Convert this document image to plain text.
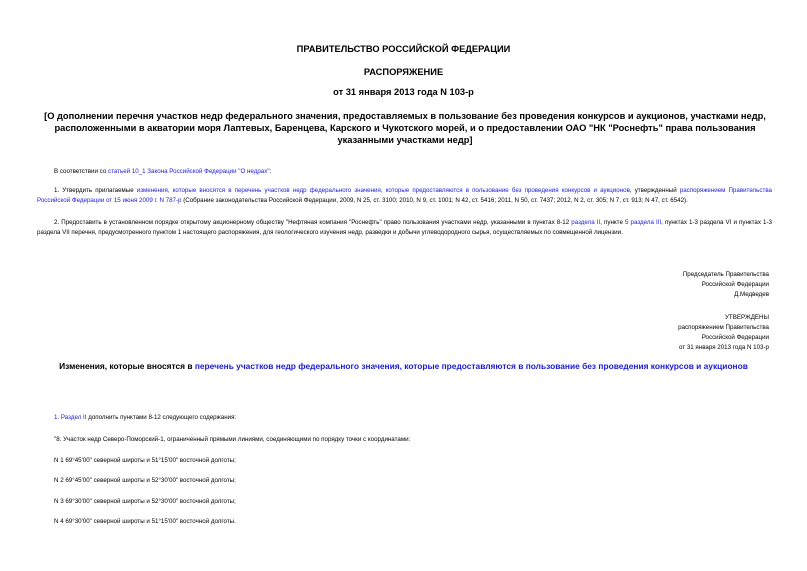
ПРАВИТЕЛЬСТВО РОССИЙСКОЙ ФЕДЕРАЦИИ
РАСПОРЯЖЕНИЕ
от 31 января 2013 года N 103-р
[О дополнении перечня участков недр федерального значения, предоставляемых в пользование без проведения конкурсов и аукционов, участками недр, расположенными в акватории моря Лаптевых, Баренцева, Карского и Чукотского морей, и о предоставлении ОАО "НК "Роснефть" права пользования указанными участками недр]
В соответствии со статьей 10_1 Закона Российской Федерации "О недрах":
1. Утвердить прилагаемые изменения, которые вносятся в перечень участков недр федерального значения, которые предоставляются в пользование без проведения конкурсов и аукционов, утвержденный распоряжением Правительства Российской Федерации от 15 июня 2009 г. N 787-р (Собрание законодательства Российской Федерации, 2009, N 25, ст. 3100; 2010, N 9, ст. 1001; N 42, ст. 5416; 2011, N 50, ст. 7437; 2012, N 2, ст. 305; N 7, ст. 913; N 47, ст. 6542).
2. Предоставить в установленном порядке открытому акционерному обществу "Нефтяная компания "Роснефть" право пользования участками недр, указанными в пунктах 8-12 раздела II, пункте 5 раздела III, пунктах 1-3 раздела VI и пунктах 1-3 раздела VII перечня, предусмотренного пунктом 1 настоящего распоряжения, для геологического изучения недр, разведки и добычи углеводородного сырья, осуществляемых по совмещенной лицензии.
Председатель Правительства
Российской Федерации
Д.Медведев
УТВЕРЖДЕНЫ
распоряжением Правительства
Российской Федерации
от 31 января 2013 года N 103-р
Изменения, которые вносятся в перечень участков недр федерального значения, которые предоставляются в пользование без проведения конкурсов и аукционов
1. Раздел II дополнить пунктами 8-12 следующего содержания:
"8. Участок недр Северо-Поморский-1, ограниченный прямыми линиями, соединяющими по порядку точки с координатами:
N 1 69°45'00" северной широты и 51°15'00" восточной долготы;
N 2 69°45'00" северной широты и 52°30'00" восточной долготы;
N 3 69°30'00" северной широты и 52°30'00" восточной долготы;
N 4 69°30'00" северной широты и 51°15'00" восточной долготы.
